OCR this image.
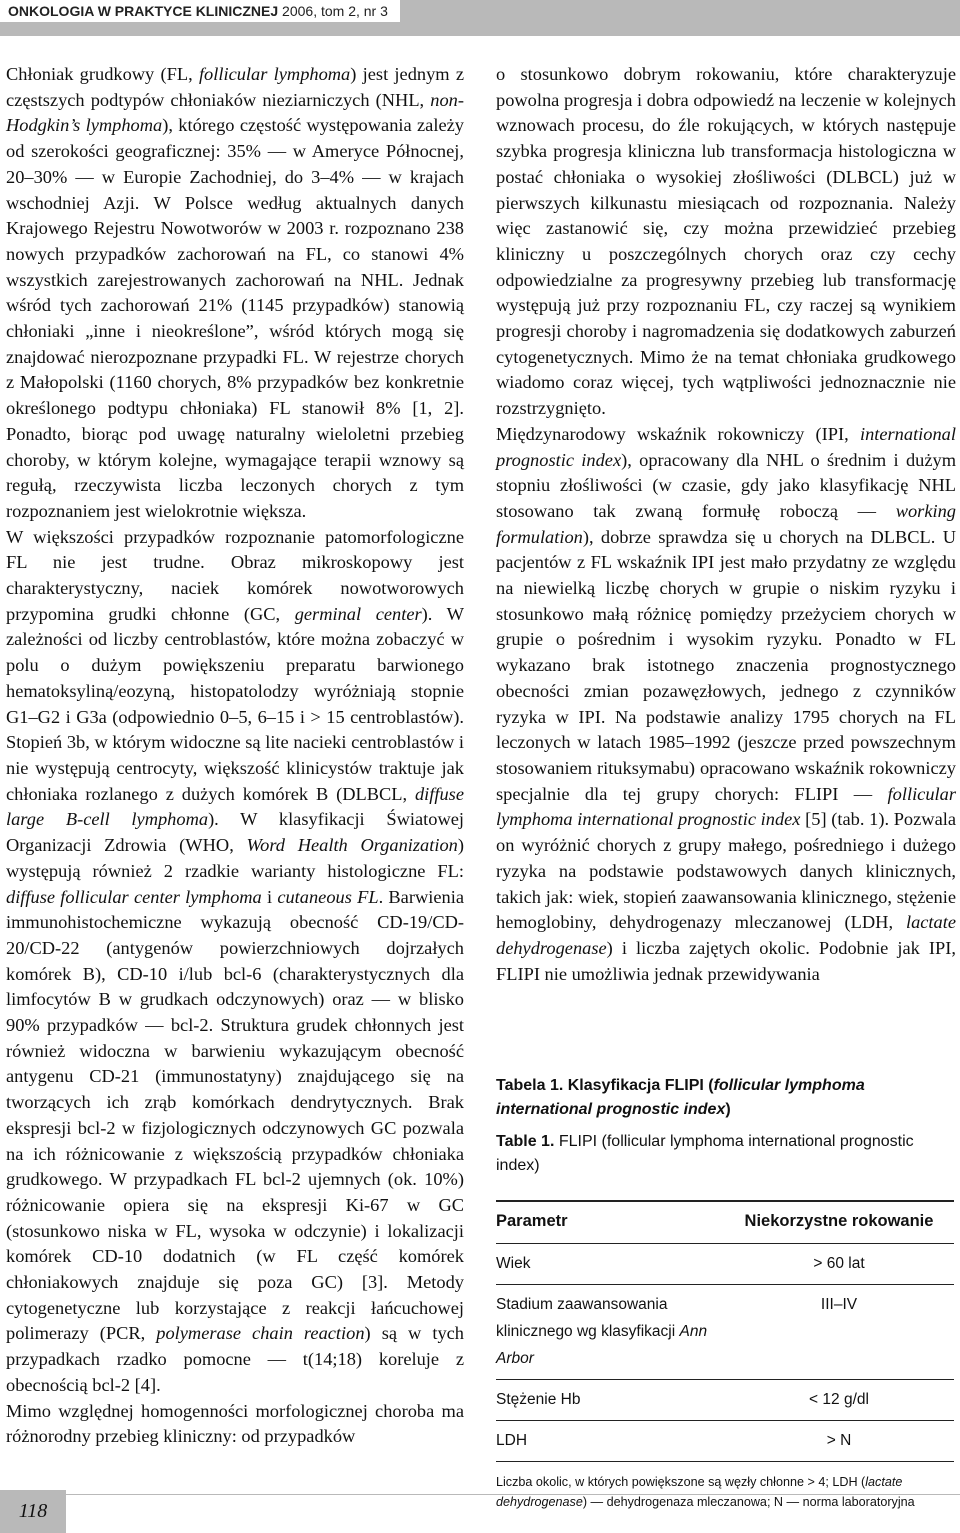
ONKOLOGIA W PRAKTYCE KLINICZNEJ 2006, tom 2, nr 3

Chłoniak grudkowy (FL, follicular lymphoma) jest jednym z częstszych podtypów chłoniaków nieziarniczych (NHL, non-Hodgkin’s lymphoma), którego częstość występowania zależy od szerokości geograficznej: 35% — w Ameryce Północnej, 20–30% — w Europie Zachodniej, do 3–4% — w krajach wschodniej Azji. W Polsce według aktualnych danych Krajowego Rejestru Nowotworów w 2003 r. rozpoznano 238 nowych przypadków zachorowań na FL, co stanowi 4% wszystkich zarejestrowanych zachorowań na NHL. Jednak wśród tych zachorowań 21% (1145 przypadków) stanowią chłoniaki „inne i nieokreślone”, wśród których mogą się znajdować nierozpoznane przypadki FL. W rejestrze chorych z Małopolski (1160 chorych, 8% przypadków bez konkretnie określonego podtypu chłoniaka) FL stanowił 8% [1, 2]. Ponadto, biorąc pod uwagę naturalny wieloletni przebieg choroby, w którym kolejne, wymagające terapii wznowy są regułą, rzeczywista liczba leczonych chorych z tym rozpoznaniem jest wielokrotnie większa.

W większości przypadków rozpoznanie patomorfologiczne FL nie jest trudne. Obraz mikroskopowy jest charakterystyczny, naciek komórek nowotworowych przypomina grudki chłonne (GC, germinal center). W zależności od liczby centroblastów, które można zobaczyć w polu o dużym powiększeniu preparatu barwionego hematoksyliną/eozyną, histopatolodzy wyróżniają stopnie G1–G2 i G3a (odpowiednio 0–5, 6–15 i > 15 centroblastów). Stopień 3b, w którym widoczne są lite nacieki centroblastów i nie występują centrocyty, większość klinicystów traktuje jak chłoniaka rozlanego z dużych komórek B (DLBCL, diffuse large B-cell lymphoma). W klasyfikacji Światowej Organizacji Zdrowia (WHO, Word Health Organization) występują również 2 rzadkie warianty histologiczne FL: diffuse follicular center lymphoma i cutaneous FL. Barwienia immunohistochemiczne wykazują obecność CD-19/CD-20/CD-22 (antygenów powierzchniowych dojrzałych komórek B), CD-10 i/lub bcl-6 (charakterystycznych dla limfocytów B w grudkach odczynowych) oraz — w blisko 90% przypadków — bcl-2. Struktura grudek chłonnych jest również widoczna w barwieniu wykazującym obecność antygenu CD-21 (immunostatyny) znajdującego się na tworzących ich zrąb komórkach dendrytycznych. Brak ekspresji bcl-2 w fizjologicznych odczynowych GC pozwala na ich różnicowanie z większością przypadków chłoniaka grudkowego. W przypadkach FL bcl-2 ujemnych (ok. 10%) różnicowanie opiera się na ekspresji Ki-67 w GC (stosunkowo niska w FL, wysoka w odczynie) i lokalizacji komórek CD-10 dodatnich (w FL część komórek chłoniakowych znajduje się poza GC) [3]. Metody cytogenetyczne lub korzystające z reakcji łańcuchowej polimerazy (PCR, polymerase chain reaction) są w tych przypadkach rzadko pomocne — t(14;18) koreluje z obecnością bcl-2 [4].

Mimo względnej homogenności morfologicznej choroba ma różnorodny przebieg kliniczny: od przypadków

o stosunkowo dobrym rokowaniu, które charakteryzuje powolna progresja i dobra odpowiedź na leczenie w kolejnych wznowach procesu, do źle rokujących, w których następuje szybka progresja kliniczna lub transformacja histologiczna w postać chłoniaka o wysokiej złośliwości (DLBCL) już w pierwszych kilkunastu miesiącach od rozpoznania. Należy więc zastanowić się, czy można przewidzieć przebieg kliniczny u poszczególnych chorych oraz czy cechy odpowiedzialne za progresywny przebieg lub transformację występują już przy rozpoznaniu FL, czy raczej są wynikiem progresji choroby i nagromadzenia się dodatkowych zaburzeń cytogenetycznych. Mimo że na temat chłoniaka grudkowego wiadomo coraz więcej, tych wątpliwości jednoznacznie nie rozstrzygnięto.

Międzynarodowy wskaźnik rokowniczy (IPI, international prognostic index), opracowany dla NHL o średnim i dużym stopniu złośliwości (w czasie, gdy jako klasyfikację NHL stosowano tak zwaną formułę roboczą — working formulation), dobrze sprawdza się u chorych na DLBCL. U pacjentów z FL wskaźnik IPI jest mało przydatny ze względu na niewielką liczbę chorych w grupie o niskim ryzyku i stosunkowo małą różnicę pomiędzy przeżyciem chorych w grupie o pośrednim i wysokim ryzyku. Ponadto w FL wykazano brak istotnego znaczenia prognostycznego obecności zmian pozawęzłowych, jednego z czynników ryzyka w IPI. Na podstawie analizy 1795 chorych na FL leczonych w latach 1985–1992 (jeszcze przed powszechnym stosowaniem rituksymabu) opracowano wskaźnik rokowniczy specjalnie dla tej grupy chorych: FLIPI — follicular lymphoma international prognostic index [5] (tab. 1). Pozwala on wyróżnić chorych z grupy małego, pośredniego i dużego ryzyka na podstawie podstawowych danych klinicznych, takich jak: wiek, stopień zaawansowania klinicznego, stężenie hemoglobiny, dehydrogenazy mleczanowej (LDH, lactate dehydrogenase) i liczba zajętych okolic. Podobnie jak IPI, FLIPI nie umożliwia jednak przewidywania

Tabela 1. Klasyfikacja FLIPI (follicular lymphoma international prognostic index)
Table 1. FLIPI (follicular lymphoma international prognostic index)
Parametr	Niekorzystne rokowanie
Wiek	> 60 lat
Stadium zaawansowania klinicznego wg klasyfikacji Ann Arbor	III–IV
Stężenie Hb	< 12 g/dl
LDH	> N
Liczba okolic, w których powiększone są węzły chłonne > 4; LDH (lactate dehydrogenase) — dehydrogenaza mleczanowa; N — norma laboratoryjna
118
